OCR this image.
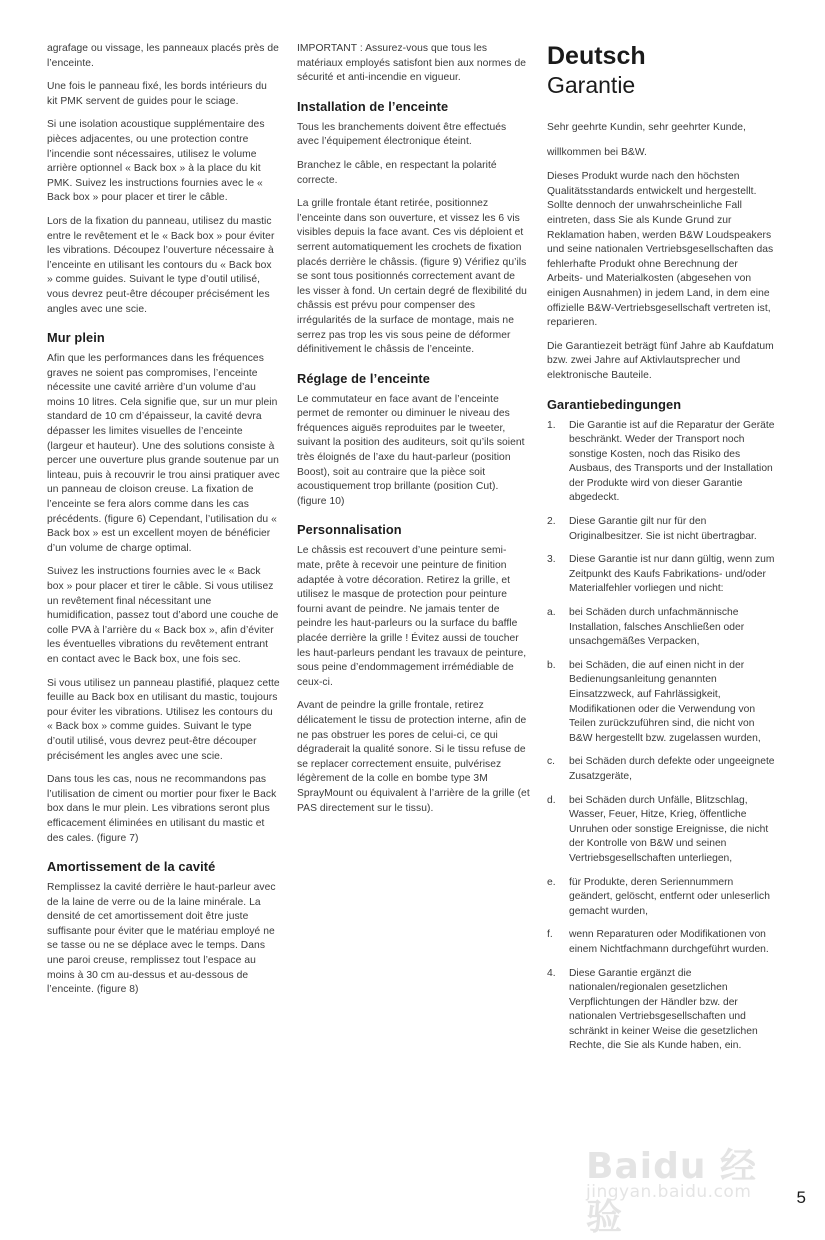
agrafage ou vissage, les panneaux placés près de l’enceinte.

Une fois le panneau fixé, les bords intérieurs du kit PMK servent de guides pour le sciage.

Si une isolation acoustique supplémentaire des pièces adjacentes, ou une protection contre l’incendie sont nécessaires, utilisez le volume arrière optionnel « Back box » à la place du kit PMK. Suivez les instructions fournies avec le « Back box » pour placer et tirer le câble.

Lors de la fixation du panneau, utilisez du mastic entre le revêtement et le « Back box » pour éviter les vibrations. Découpez l’ouverture nécessaire à l’enceinte en utilisant les contours du « Back box » comme guides. Suivant le type d’outil utilisé, vous devrez peut-être découper précisément les angles avec une scie.

Mur plein

Afin que les performances dans les fréquences graves ne soient pas compromises, l’enceinte nécessite une cavité arrière d’un volume d’au moins 10 litres. Cela signifie que, sur un mur plein standard de 10 cm d’épaisseur, la cavité devra dépasser les limites visuelles de l’enceinte (largeur et hauteur). Une des solutions consiste à percer une ouverture plus grande soutenue par un linteau, puis à recouvrir le trou ainsi pratiquer avec un panneau de cloison creuse. La fixation de l’enceinte se fera alors comme dans les cas précédents. (figure 6) Cependant, l’utilisation du « Back box » est un excellent moyen de bénéficier d’un volume de charge optimal.

Suivez les instructions fournies avec le « Back box » pour placer et tirer le câble. Si vous utilisez un revêtement final nécessitant une humidification, passez tout d’abord une couche de colle PVA à l’arrière du « Back box », afin d’éviter les éventuelles vibrations du revêtement entrant en contact avec le Back box, une fois sec.

Si vous utilisez un panneau plastifié, plaquez cette feuille au Back box en utilisant du mastic, toujours pour éviter les vibrations. Utilisez les contours du « Back box » comme guides. Suivant le type d’outil utilisé, vous devrez peut-être découper précisément les angles avec une scie.

Dans tous les cas, nous ne recommandons pas l’utilisation de ciment ou mortier pour fixer le Back box dans le mur plein. Les vibrations seront plus efficacement éliminées en utilisant du mastic et des cales. (figure 7)

Amortissement de la cavité

Remplissez la cavité derrière le haut-parleur avec de la laine de verre ou de la laine minérale. La densité de cet amortissement doit être juste suffisante pour éviter que le matériau employé ne se tasse ou ne se déplace avec le temps. Dans une paroi creuse, remplissez tout l’espace au moins à 30 cm au-dessus et au-dessous de l’enceinte. (figure 8)

IMPORTANT : Assurez-vous que tous les matériaux employés satisfont bien aux normes de sécurité et anti-incendie en vigueur.

Installation de l’enceinte

Tous les branchements doivent être effectués avec l’équipement électronique éteint.

Branchez le câble, en respectant la polarité correcte.

La grille frontale étant retirée, positionnez l’enceinte dans son ouverture, et vissez les 6 vis visibles depuis la face avant. Ces vis déploient et serrent automatiquement les crochets de fixation placés derrière le châssis. (figure 9) Vérifiez qu’ils se sont tous positionnés correctement avant de les visser à fond. Un certain degré de flexibilité du châssis est prévu pour compenser des irrégularités de la surface de montage, mais ne serrez pas trop les vis sous peine de déformer définitivement le châssis de l’enceinte.

Réglage de l’enceinte

Le commutateur en face avant de l’enceinte permet de remonter ou diminuer le niveau des fréquences aiguës reproduites par le tweeter, suivant la position des auditeurs, soit qu’ils soient très éloignés de l’axe du haut-parleur (position Boost), soit au contraire que la pièce soit acoustiquement trop brillante (position Cut). (figure 10)

Personnalisation

Le châssis est recouvert d’une peinture semi-mate, prête à recevoir une peinture de finition adaptée à votre décoration. Retirez la grille, et utilisez le masque de protection pour peinture fourni avant de peindre. Ne jamais tenter de peindre les haut-parleurs ou la surface du baffle placée derrière la grille ! Évitez aussi de toucher les haut-parleurs pendant les travaux de peinture, sous peine d’endommagement irrémédiable de ceux-ci.

Avant de peindre la grille frontale, retirez délicatement le tissu de protection interne, afin de ne pas obstruer les pores de celui-ci, ce qui dégraderait la qualité sonore. Si le tissu refuse de se replacer correctement ensuite, pulvérisez légèrement de la colle en bombe type 3M SprayMount ou équivalent à l’arrière de la grille (et PAS directement sur le tissu).

Deutsch
Garantie

Sehr geehrte Kundin, sehr geehrter Kunde,

willkommen bei B&W.

Dieses Produkt wurde nach den höchsten Qualitätsstandards entwickelt und hergestellt. Sollte dennoch der unwahrscheinliche Fall eintreten, dass Sie als Kunde Grund zur Reklamation haben, werden B&W Loudspeakers und seine nationalen Vertriebsgesellschaften das fehlerhafte Produkt ohne Berechnung der Arbeits- und Materialkosten (abgesehen von einigen Ausnahmen) in jedem Land, in dem eine offizielle B&W-Vertriebsgesellschaft vertreten ist, reparieren.

Die Garantiezeit beträgt fünf Jahre ab Kaufdatum bzw. zwei Jahre auf Aktivlautsprecher und elektronische Bauteile.

Garantiebedingungen
1.	Die Garantie ist auf die Reparatur der Geräte beschränkt. Weder der Transport noch sonstige Kosten, noch das Risiko des Ausbaus, des Transports und der Installation der Produkte wird von dieser Garantie abgedeckt.
2.	Diese Garantie gilt nur für den Originalbesitzer. Sie ist nicht übertragbar.
3.	Diese Garantie ist nur dann gültig, wenn zum Zeitpunkt des Kaufs Fabrikations- und/oder Materialfehler vorliegen und nicht:
a.	bei Schäden durch unfachmännische Installation, falsches Anschließen oder unsachgemäßes Verpacken,
b.	bei Schäden, die auf einen nicht in der Bedienungsanleitung genannten Einsatzzweck, auf Fahrlässigkeit, Modifikationen oder die Verwendung von Teilen zurückzuführen sind, die nicht von B&W hergestellt bzw. zugelassen wurden,
c.	bei Schäden durch defekte oder ungeeignete Zusatzgeräte,
d.	bei Schäden durch Unfälle, Blitzschlag, Wasser, Feuer, Hitze, Krieg, öffentliche Unruhen oder sonstige Ereignisse, die nicht der Kontrolle von B&W und seinen Vertriebsgesellschaften unterliegen,
e.	für Produkte, deren Seriennummern geändert, gelöscht, entfernt oder unleserlich gemacht wurden,
f.	wenn Reparaturen oder Modifikationen von einem Nichtfachmann durchgeführt wurden.
4.	Diese Garantie ergänzt die nationalen/regionalen gesetzlichen Verpflichtungen der Händler bzw. der nationalen Vertriebsgesellschaften und schränkt in keiner Weise die gesetzlichen Rechte, die Sie als Kunde haben, ein.
Baidu 经验
jingyan.baidu.com	5
